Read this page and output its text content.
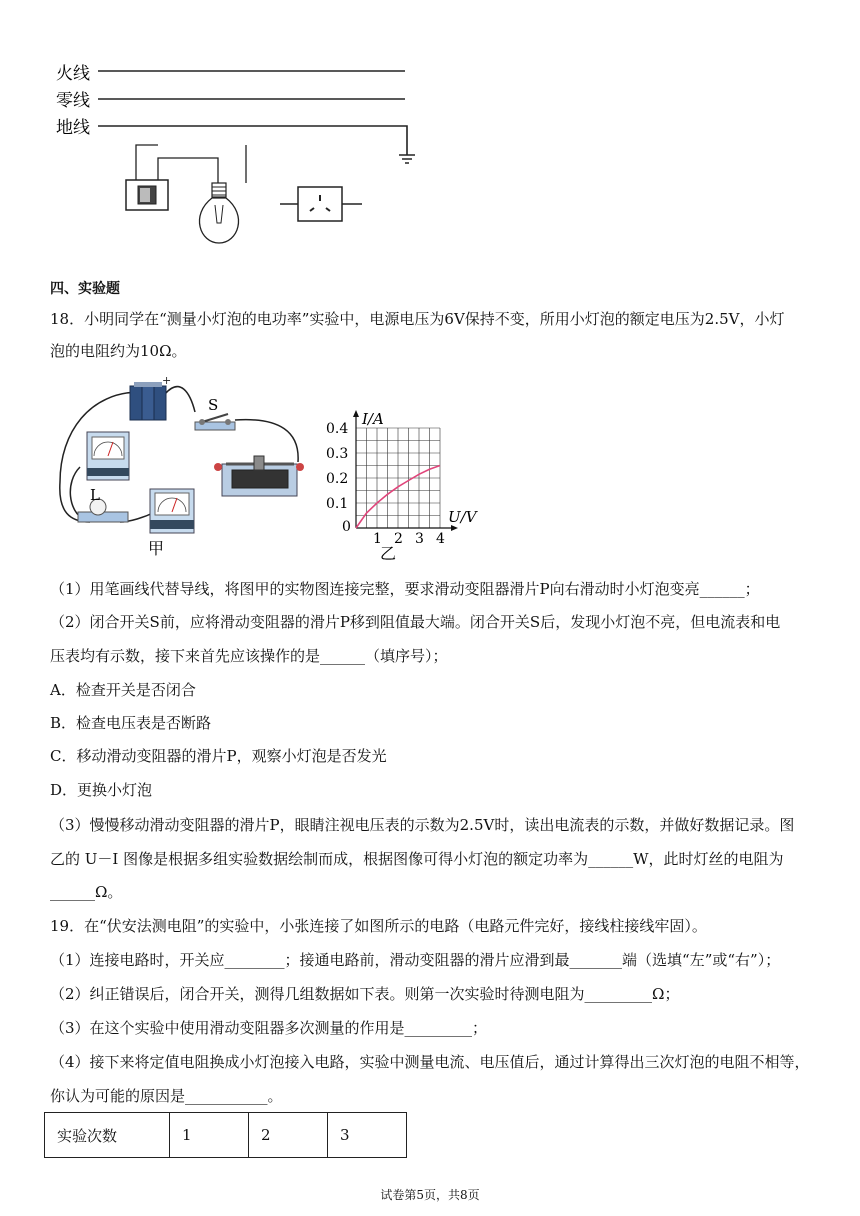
火线
零线
地线
四、实验题
18．小明同学在“测量小灯泡的电功率”实验中，电源电压为6V保持不变，所用小灯泡的额定电压为2.5V，小灯
泡的电阻约为10Ω。
+
S
L
甲	1 2 3 4
0.1
0.2
0.3
0.4
I/A
U/V
0
乙
（1）用笔画线代替导线，将图甲的实物图连接完整，要求滑动变阻器滑片P向右滑动时小灯泡变亮______；
（2）闭合开关S前，应将滑动变阻器的滑片P移到阻值最大端。闭合开关S后，发现小灯泡不亮，但电流表和电
压表均有示数，接下来首先应该操作的是______（填序号）；
A．检查开关是否闭合
B．检查电压表是否断路
C．移动滑动变阻器的滑片P，观察小灯泡是否发光
D．更换小灯泡
（3）慢慢移动滑动变阻器的滑片P，眼睛注视电压表的示数为2.5V时，读出电流表的示数，并做好数据记录。图
乙的 U－I 图像是根据多组实验数据绘制而成，根据图像可得小灯泡的额定功率为______W，此时灯丝的电阻为
______Ω。
19．在“伏安法测电阻”的实验中，小张连接了如图所示的电路（电路元件完好，接线柱接线牢固）。
（1）连接电路时，开关应________；接通电路前，滑动变阻器的滑片应滑到最_______端（选填“左”或“右”）；
（2）纠正错误后，闭合开关，测得几组数据如下表。则第一次实验时待测电阻为_________Ω；
（3）在这个实验中使用滑动变阻器多次测量的作用是_________；
（4）接下来将定值电阻换成小灯泡接入电路，实验中测量电流、电压值后，通过计算得出三次灯泡的电阻不相等，
你认为可能的原因是___________。
实验次数	1	2	3
试卷第5页，共8页
